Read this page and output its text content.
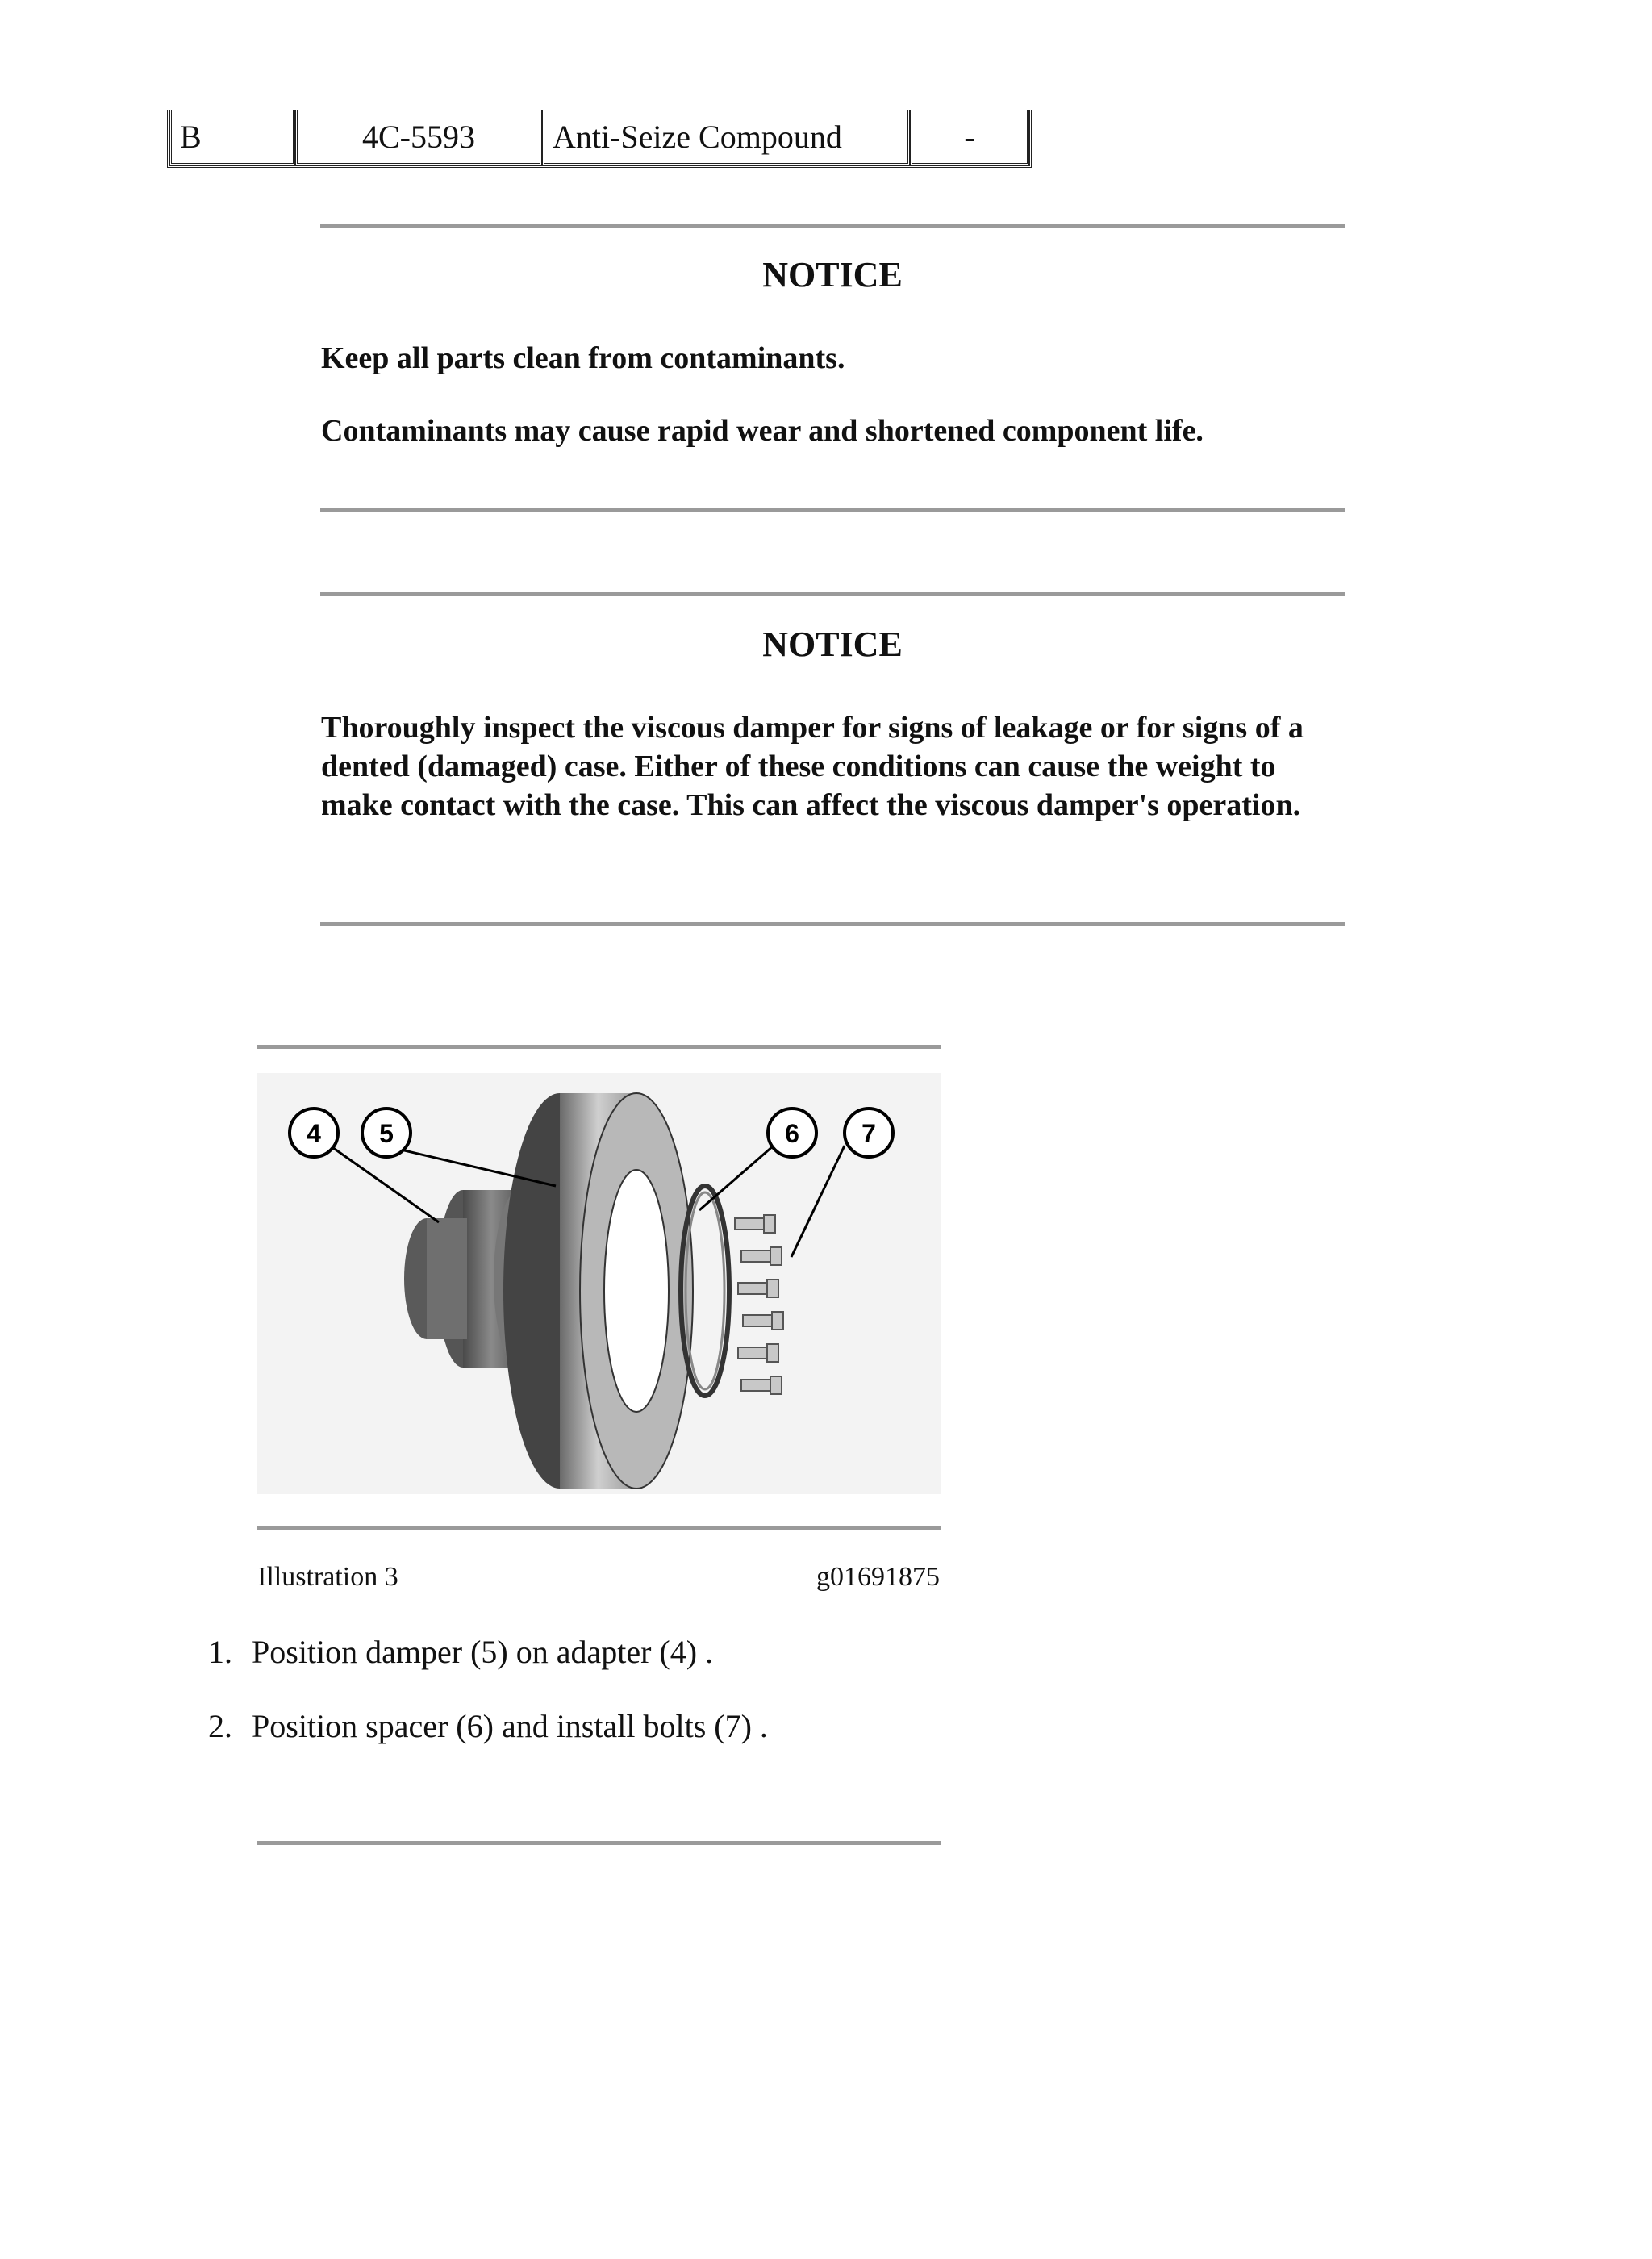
B	4C-5593	Anti-Seize Compound	-
NOTICE

Keep all parts clean from contaminants.

Contaminants may cause rapid wear and shortened component life.

NOTICE

Thoroughly inspect the viscous damper for signs of leakage or for signs of a dented (damaged) case. Either of these conditions can cause the weight to make contact with the case. This can affect the viscous damper's operation.

4 5	6 7
Illustration 3	g01691875
1. Position damper (5) on adapter (4) .
2. Position spacer (6) and install bolts (7) .
